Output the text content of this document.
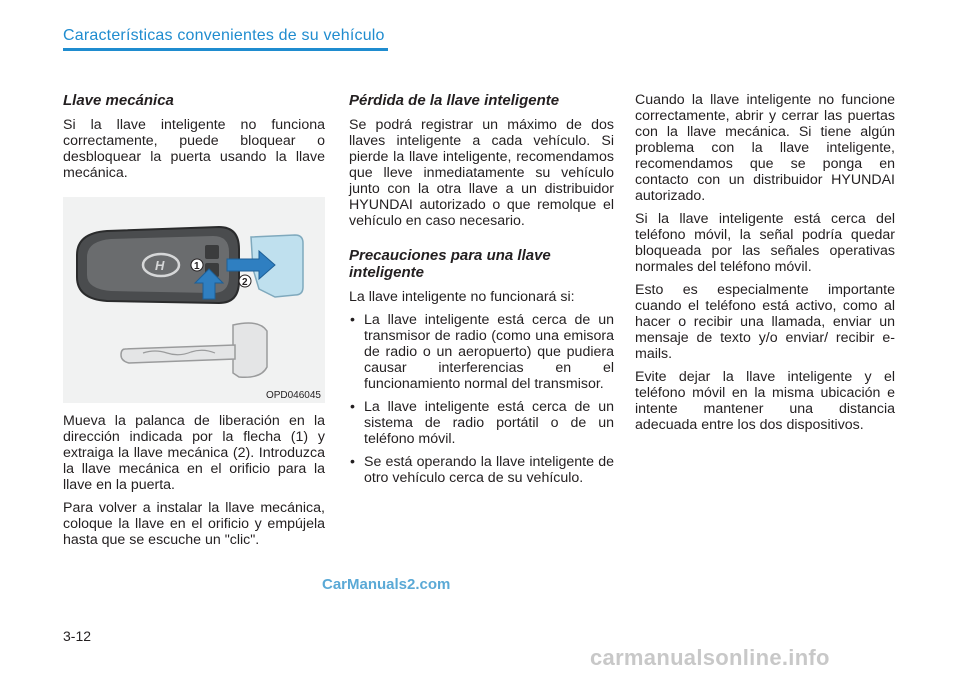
Características convenientes de su vehículo
Llave mecánica

Si la llave inteligente no funciona correctamente, puede bloquear o desbloquear la puerta usando la llave mecánica.

H	1
2
OPD046045

Mueva la palanca de liberación en la dirección indicada por la flecha (1) y extraiga la llave mecánica (2). Introduzca la llave mecánica en el orificio para la llave en la puerta.

Para volver a instalar la llave mecánica, coloque la llave en el orificio y empújela hasta que se escuche un "clic".

Pérdida de la llave inteligente

Se podrá registrar un máximo de dos llaves inteligente a cada vehículo. Si pierde la llave inteligente, recomendamos que lleve inmediatamente su vehículo junto con la otra llave a un distribuidor HYUNDAI autorizado o que remolque el vehículo en caso necesario.

Precauciones para una llave inteligente

La llave inteligente no funcionará si:

• La llave inteligente está cerca de un transmisor de radio (como una emisora de radio o un aeropuerto) que pudiera causar interferencias en el funcionamiento normal del transmisor.
• La llave inteligente está cerca de un sistema de radio portátil o de un teléfono móvil.
• Se está operando la llave inteligente de otro vehículo cerca de su vehículo.

Cuando la llave inteligente no funcione correctamente, abrir y cerrar las puertas con la llave mecánica. Si tiene algún problema con la llave inteligente, recomendamos que se ponga en contacto con un distribuidor HYUNDAI autorizado.

Si la llave inteligente está cerca del teléfono móvil, la señal podría quedar bloqueada por las señales operativas normales del teléfono móvil.

Esto es especialmente importante cuando el teléfono está activo, como al hacer o recibir una llamada, enviar un mensaje de texto y/o enviar/ recibir e-mails.

Evite dejar la llave inteligente y el teléfono móvil en la misma ubicación e intente mantener una distancia adecuada entre los dos dispositivos.

CarManuals2.com
3-12
carmanualsonline.info
